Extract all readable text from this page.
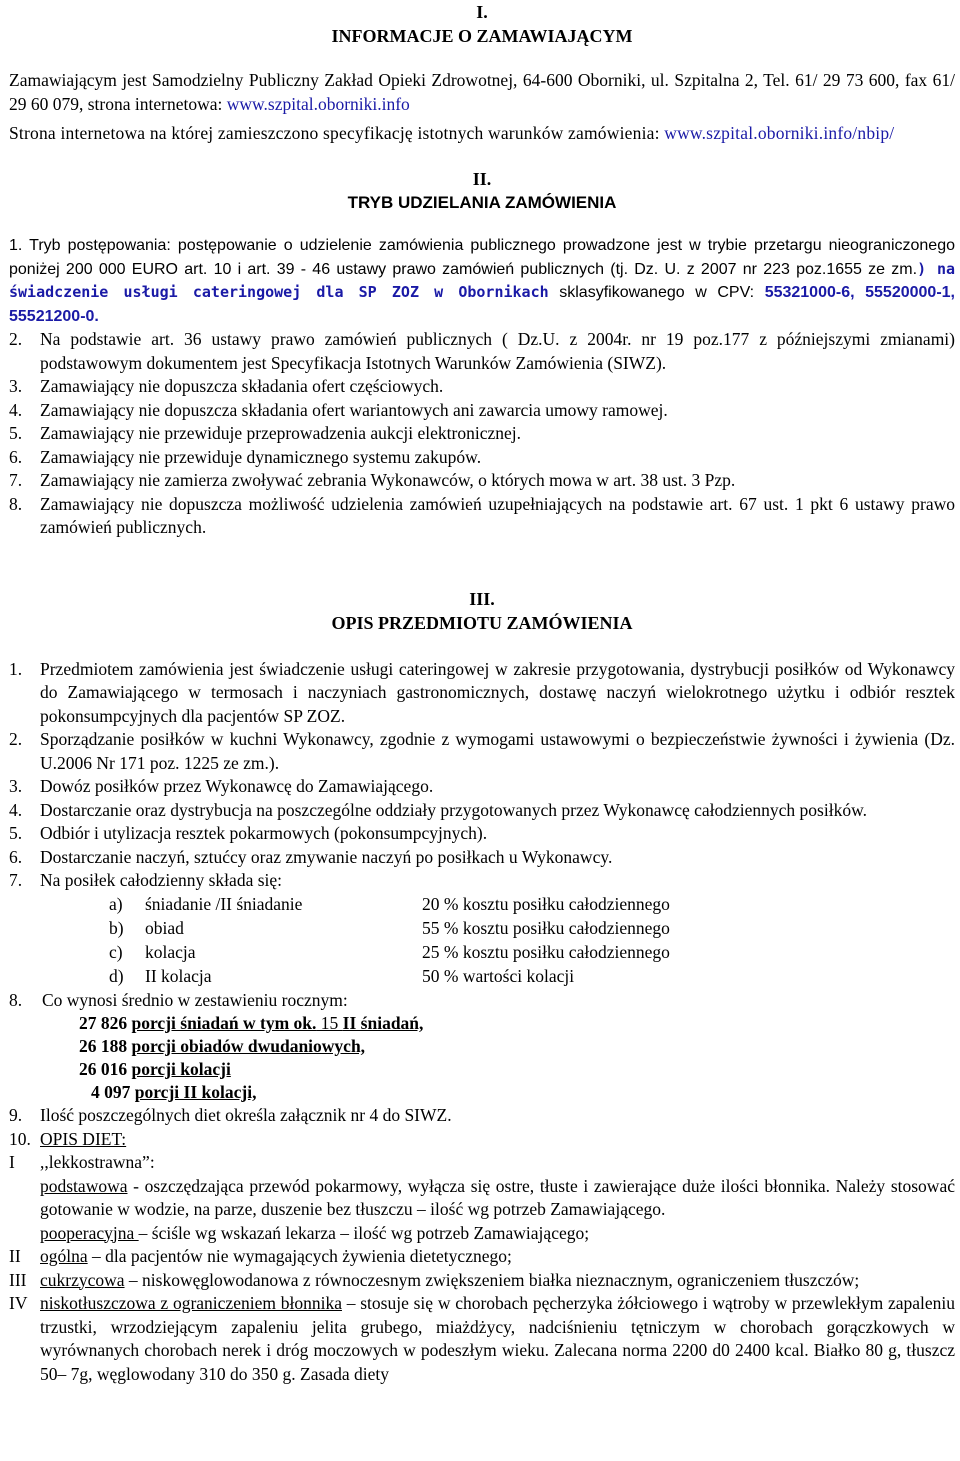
I.
INFORMACJE O ZAMAWIAJĄCYM

Zamawiającym jest Samodzielny Publiczny Zakład Opieki Zdrowotnej, 64-600 Oborniki, ul. Szpitalna 2, Tel. 61/ 29 73 600, fax 61/ 29 60 079, strona internetowa: www.szpital.oborniki.info

Strona internetowa na której zamieszczono specyfikację istotnych warunków zamówienia: www.szpital.oborniki.info/nbip/

II.
TRYB UDZIELANIA ZAMÓWIENIA
1. Tryb postępowania: postępowanie o udzielenie zamówienia publicznego prowadzone jest w trybie przetargu nieograniczonego poniżej 200 000 EURO art. 10 i art. 39 - 46 ustawy prawo zamówień publicznych (tj. Dz. U. z 2007 nr 223 poz.1655 ze zm.) na świadczenie usługi cateringowej dla SP ZOZ w Obornikach sklasyfikowanego w CPV: 55321000-6, 55520000-1, 55521200-0.
2. Na podstawie art. 36 ustawy prawo zamówień publicznych ( Dz.U. z 2004r. nr 19 poz.177 z późniejszymi zmianami) podstawowym dokumentem jest Specyfikacja Istotnych Warunków Zamówienia (SIWZ).
3. Zamawiający nie dopuszcza składania ofert częściowych.
4. Zamawiający nie dopuszcza składania ofert wariantowych ani zawarcia umowy ramowej.
5. Zamawiający nie przewiduje przeprowadzenia aukcji elektronicznej.
6. Zamawiający nie przewiduje dynamicznego systemu zakupów.
7. Zamawiający nie zamierza zwoływać zebrania Wykonawców, o których mowa w art. 38 ust. 3 Pzp.
8. Zamawiający nie dopuszcza możliwość udzielenia zamówień uzupełniających na podstawie art. 67 ust. 1 pkt 6 ustawy prawo zamówień publicznych.
III.
OPIS PRZEDMIOTU ZAMÓWIENIA
1. Przedmiotem zamówienia jest świadczenie usługi cateringowej w zakresie przygotowania, dystrybucji posiłków od Wykonawcy do Zamawiającego w termosach i naczyniach gastronomicznych, dostawę naczyń wielokrotnego użytku i odbiór resztek pokonsumpcyjnych dla pacjentów SP ZOZ.
2. Sporządzanie posiłków w kuchni Wykonawcy, zgodnie z wymogami ustawowymi o bezpieczeństwie żywności i żywienia (Dz. U.2006 Nr 171 poz. 1225 ze zm.).
3. Dowóz posiłków przez Wykonawcę do Zamawiającego.
4. Dostarczanie oraz dystrybucja na poszczególne oddziały przygotowanych przez Wykonawcę całodziennych posiłków.
5. Odbiór i utylizacja resztek pokarmowych (pokonsumpcyjnych).
6. Dostarczanie naczyń, sztućcy oraz zmywanie naczyń po posiłkach u Wykonawcy.
7. Na posiłek całodzienny składa się:
a) śniadanie /II śniadanie	20 % kosztu posiłku całodziennego
b) obiad	55 % kosztu posiłku całodziennego
c) kolacja	25 % kosztu posiłku całodziennego
d) II kolacja	50 % wartości kolacji
8. Co wynosi średnio w zestawieniu rocznym:
27 826 porcji śniadań w tym ok. 15 II śniadań,
26 188 porcji obiadów dwudaniowych,
26 016 porcji kolacji
4 097 porcji II kolacji,
9. Ilość poszczególnych diet określa załącznik nr 4 do SIWZ.
10. OPIS DIET:
I ,,lekkostrawna”:
podstawowa - oszczędzająca przewód pokarmowy, wyłącza się ostre, tłuste i zawierające duże ilości błonnika. Należy stosować gotowanie w wodzie, na parze, duszenie bez tłuszczu – ilość wg potrzeb Zamawiającego.
pooperacyjna – ściśle wg wskazań lekarza – ilość wg potrzeb Zamawiającego;
II ogólna – dla pacjentów nie wymagających żywienia dietetycznego;
III cukrzycowa – niskowęglowodanowa z równoczesnym zwiększeniem białka nieznacznym, ograniczeniem tłuszczów;
IV niskotłuszczowa z ograniczeniem błonnika – stosuje się w chorobach pęcherzyka żółciowego i wątroby w przewlekłym zapaleniu trzustki, wrzodziejącym zapaleniu jelita grubego, miażdżycy, nadciśnieniu tętniczym w chorobach gorączkowych w wyrównanych chorobach nerek i dróg moczowych w podeszłym wieku. Zalecana norma 2200 d0 2400 kcal. Białko 80 g, tłuszcz 50– 7g, węglowodany 310 do 350 g. Zasada diety
